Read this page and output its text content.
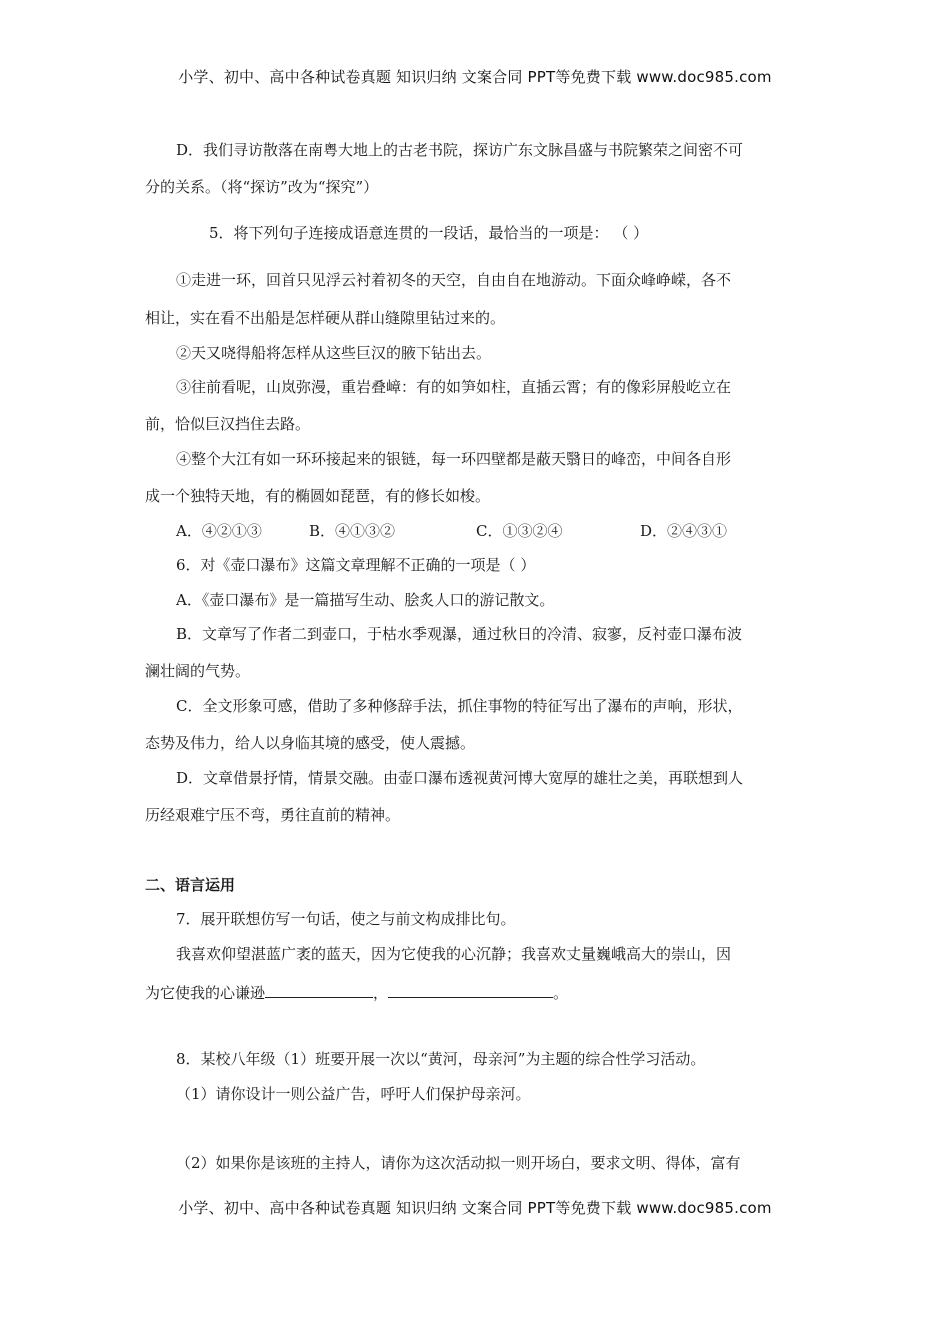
小学、初中、高中各种试卷真题 知识归纳 文案合同 PPT等免费下载 www.doc985.com
D．我们寻访散落在南粤大地上的古老书院，探访广东文脉昌盛与书院繁荣之间密不可
分的关系。（将“探访”改为“探究”）
5．将下列句子连接成语意连贯的一段话，最恰当的一项是： （ ）
①走进一环，回首只见浮云衬着初冬的天空，自由自在地游动。下面众峰峥嵘，各不
相让，实在看不出船是怎样硬从群山缝隙里钻过来的。
②天又哓得船将怎样从这些巨汉的腋下钻出去。
③往前看呢，山岚弥漫，重岩叠嶂：有的如笋如柱，直插云霄；有的像彩屏般屹立在
前，恰似巨汉挡住去路。
④整个大江有如一环环接起来的银链，每一环四壁都是蔽天翳日的峰峦，中间各自形
成一个独特天地，有的椭圆如琵琶，有的修长如梭。
A．④②①③	B．④①③②	C．①③②④	D．②④③①
6．对《壶口瀑布》这篇文章理解不正确的一项是（ ）
A．《壶口瀑布》是一篇描写生动、脍炙人口的游记散文。
B．文章写了作者二到壶口，于枯水季观瀑，通过秋日的冷清、寂寥，反衬壶口瀑布波
澜壮阔的气势。
C．全文形象可感，借助了多种修辞手法，抓住事物的特征写出了瀑布的声响，形状，
态势及伟力，给人以身临其境的感受，使人震撼。
D．文章借景抒情，情景交融。由壶口瀑布透视黄河博大宽厚的雄壮之美，再联想到人
历经艰难宁压不弯，勇往直前的精神。
二、语言运用
7．展开联想仿写一句话，使之与前文构成排比句。
我喜欢仰望湛蓝广袤的蓝天，因为它使我的心沉静；我喜欢丈量巍峨高大的崇山，因
为它使我的心谦逊	，	。
8．某校八年级（1）班要开展一次以“黄河，母亲河”为主题的综合性学习活动。
（1）请你设计一则公益广告，呼吁人们保护母亲河。
（2）如果你是该班的主持人，请你为这次活动拟一则开场白，要求文明、得体，富有
小学、初中、高中各种试卷真题 知识归纳 文案合同 PPT等免费下载 www.doc985.com
